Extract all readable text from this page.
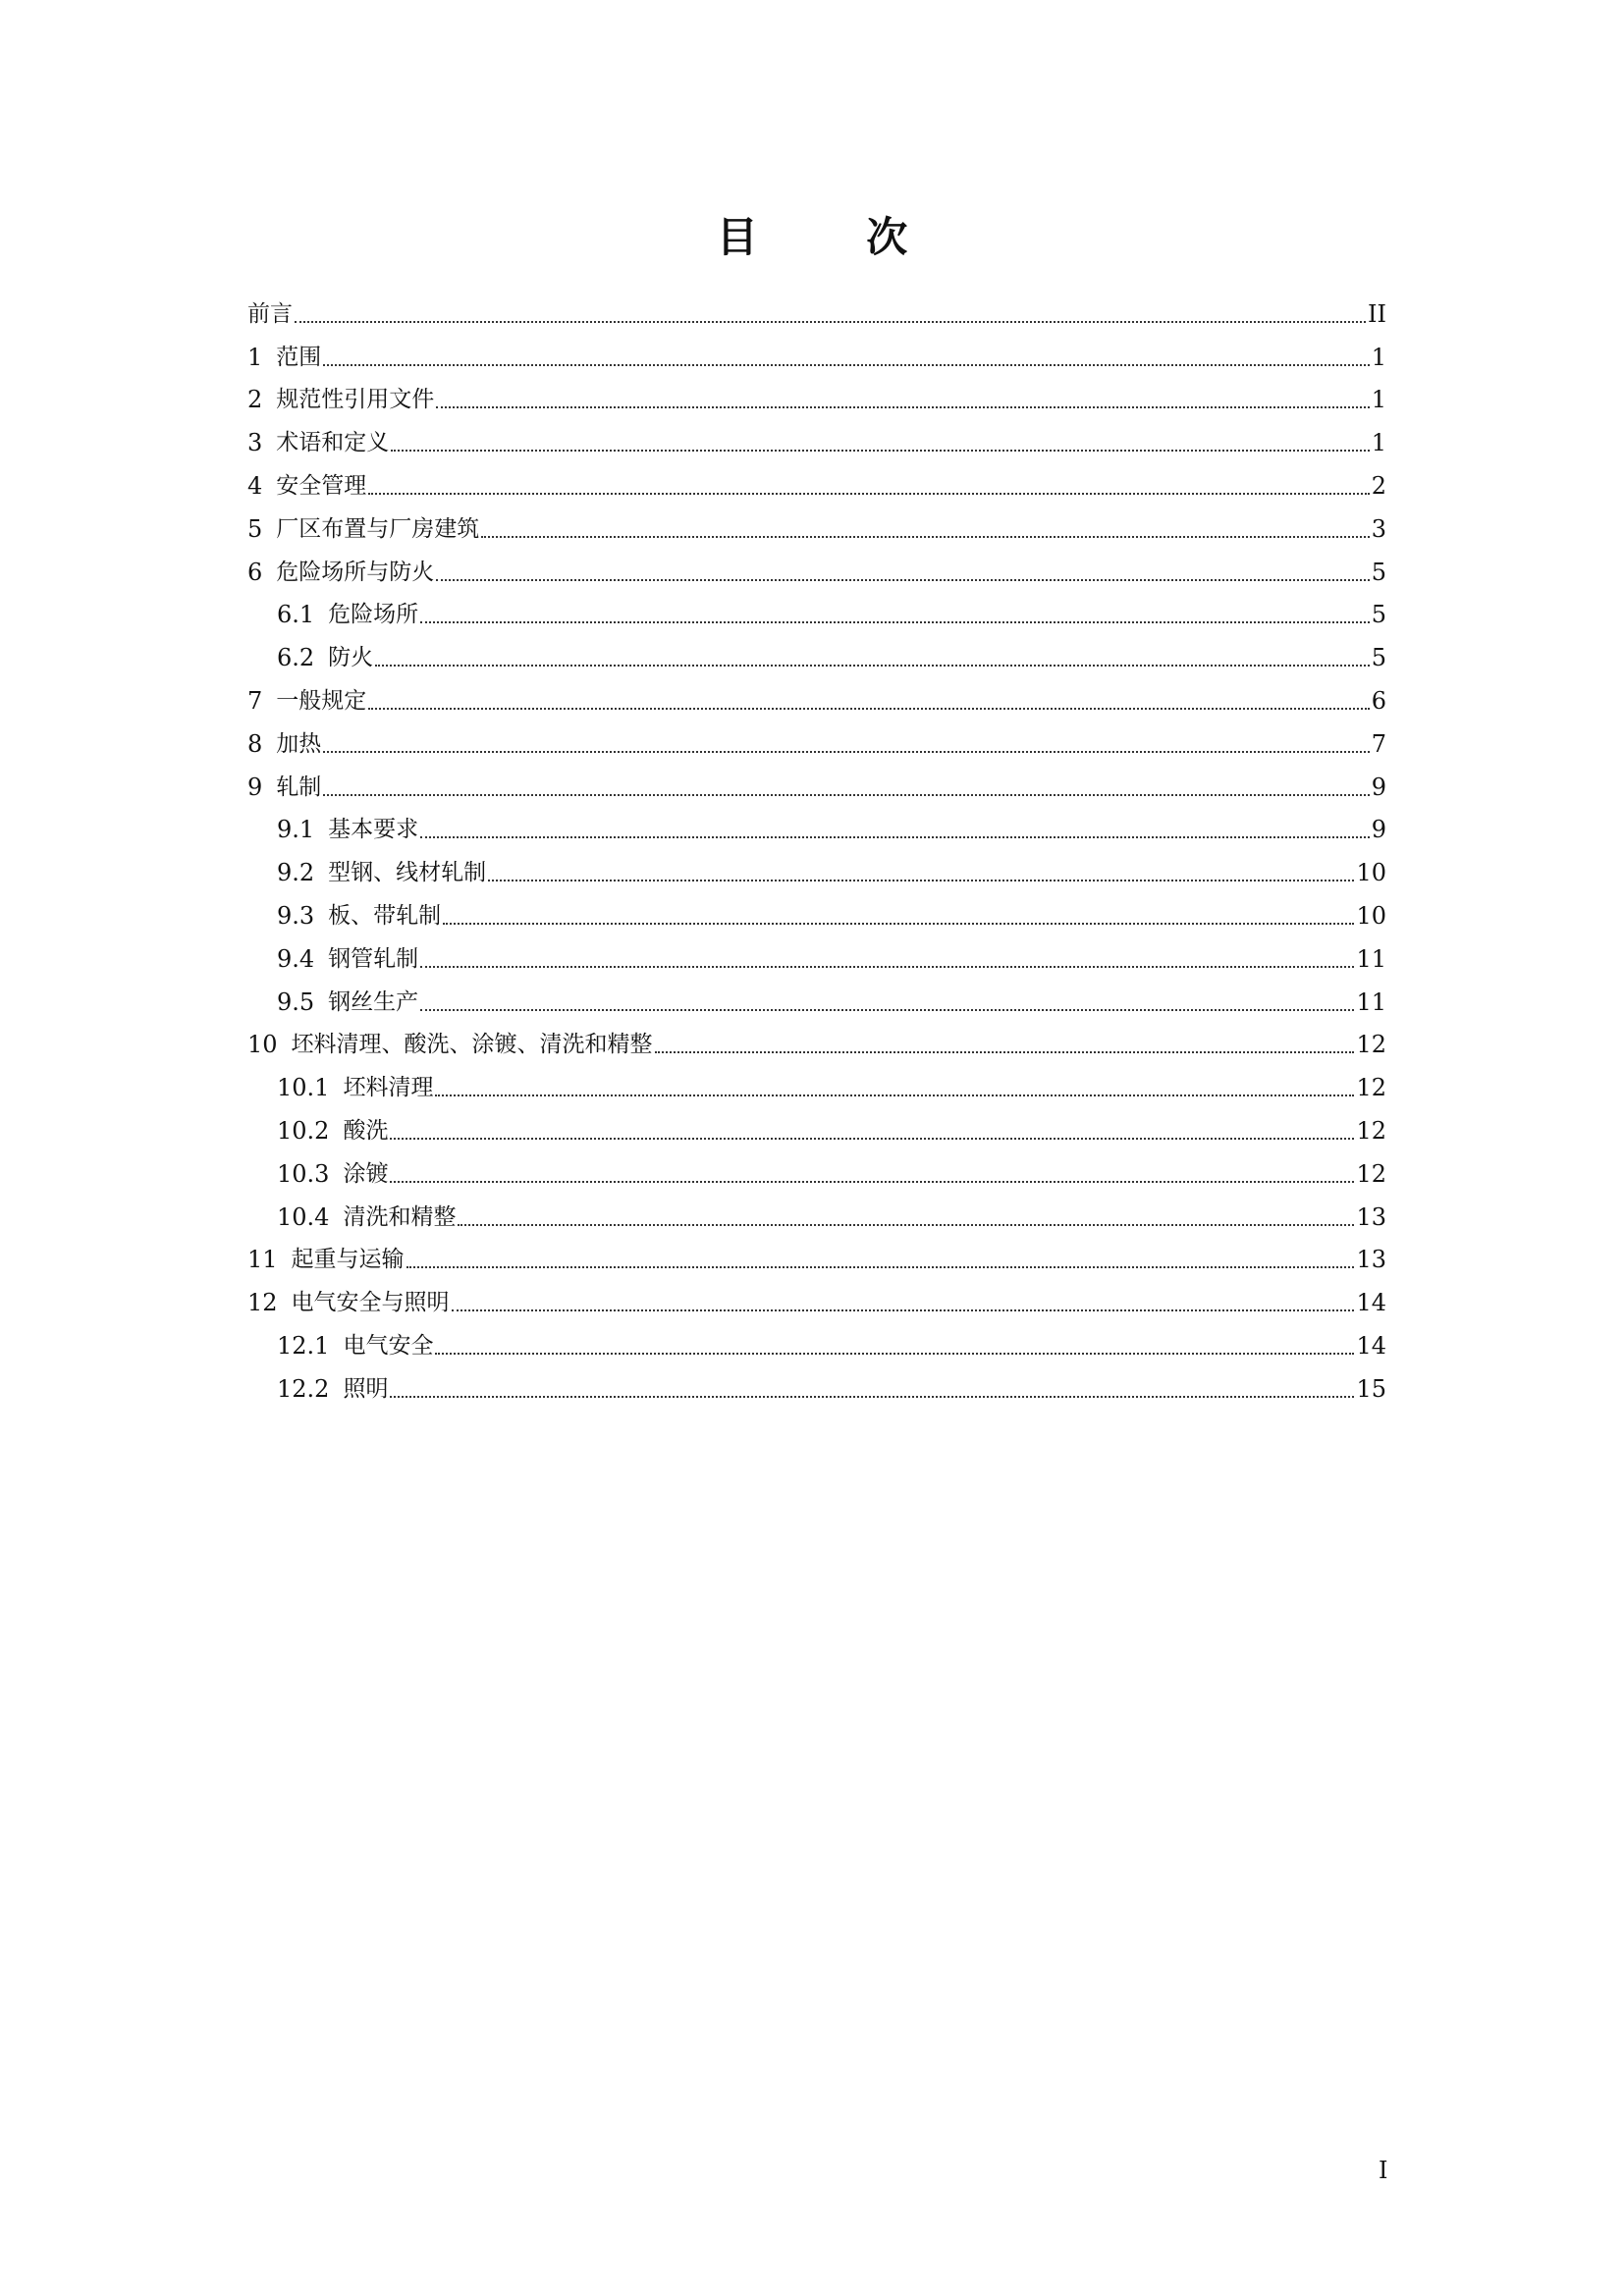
目 次
前言	II
1 范围	1
2 规范性引用文件	1
3 术语和定义	1
4 安全管理	2
5 厂区布置与厂房建筑	3
6 危险场所与防火	5
6.1 危险场所	5
6.2 防火	5
7 一般规定	6
8 加热	7
9 轧制	9
9.1 基本要求	9
9.2 型钢、线材轧制	10
9.3 板、带轧制	10
9.4 钢管轧制	11
9.5 钢丝生产	11
10 坯料清理、酸洗、涂镀、清洗和精整	12
10.1 坯料清理	12
10.2 酸洗	12
10.3 涂镀	12
10.4 清洗和精整	13
11 起重与运输	13
12 电气安全与照明	14
12.1 电气安全	14
12.2 照明	15
I
